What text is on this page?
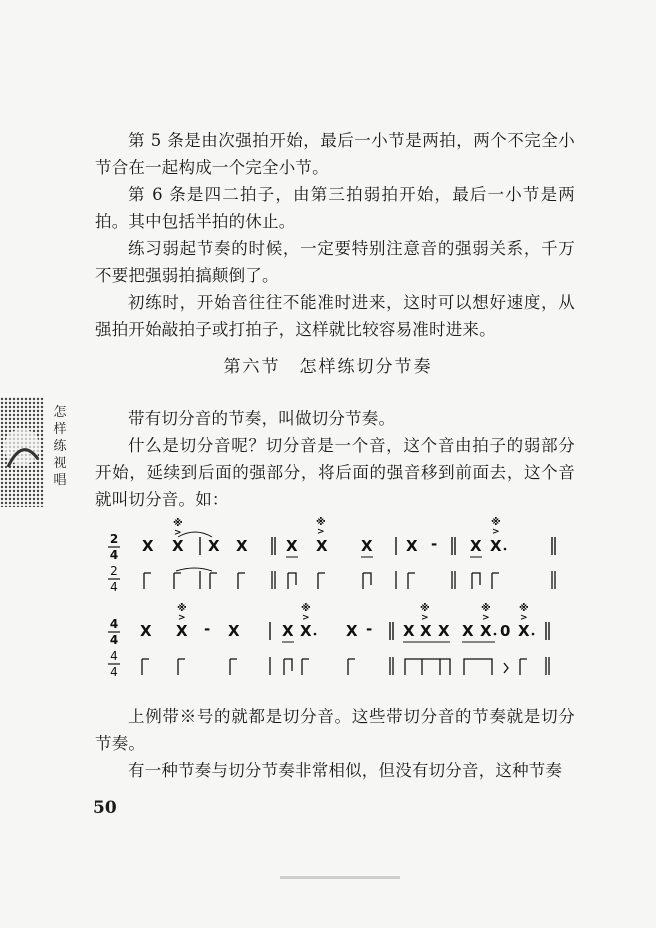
第 5 条是由次强拍开始，最后一小节是两拍，两个不完全小节合在一起构成一个完全小节。

第 6 条是四二拍子，由第三拍弱拍开始，最后一小节是两拍。其中包括半拍的休止。

练习弱起节奏的时候，一定要特别注意音的强弱关系，千万不要把强弱拍搞颠倒了。

初练时，开始音往往不能准时进来，这时可以想好速度，从强拍开始敲拍子或打拍子，这样就比较容易准时进来。

第六节　怎样练切分节奏
怎
样
练
视
唱

带有切分音的节奏，叫做切分节奏。

什么是切分音呢？切分音是一个音，这个音由拍子的弱部分开始，延续到后面的强部分，将后面的强音移到前面去，这个音就叫切分音。如：

2
4 X X
※
>
X X	X X
※
>
X X - X X
※
>
2
4
4
4 X X
※
>
- X	X X
※
>
X - X X
※
>
X X X
※
>
0 X
※
>
4
4

上例带※号的就都是切分音。这些带切分音的节奏就是切分节奏。

有一种节奏与切分节奏非常相似，但没有切分音，这种节奏

50
